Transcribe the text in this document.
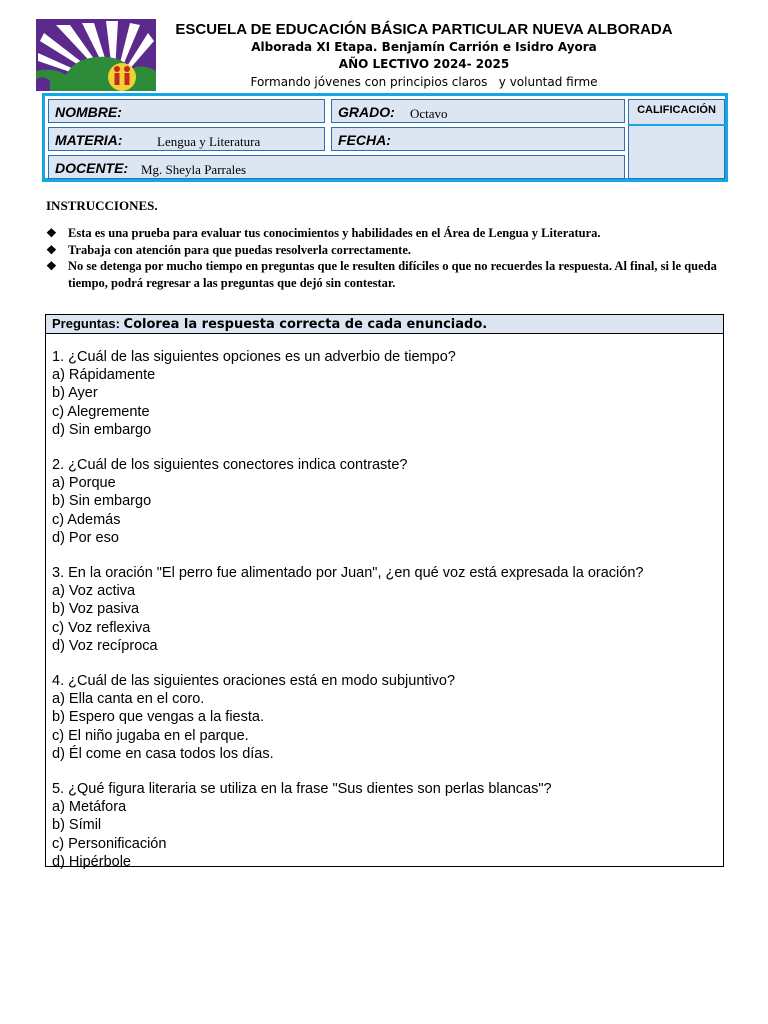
ESCUELA DE EDUCACIÓN BÁSICA PARTICULAR NUEVA ALBORADA
Alborada XI Etapa. Benjamín Carrión e Isidro Ayora
AÑO LECTIVO 2024- 2025
Formando jóvenes con principios claros   y voluntad firme
NOMBRE:	GRADO: Octavo	CALIFICACIÓN
MATERIA:	Lengua y Literatura	FECHA:
DOCENTE: Mg. Sheyla Parrales
INSTRUCCIONES.
❖ Esta es una prueba para evaluar tus conocimientos y habilidades en el Área de Lengua y Literatura.
❖ Trabaja con atención para que puedas resolverla correctamente.
❖ No se detenga por mucho tiempo en preguntas que le resulten difíciles o que no recuerdes la respuesta. Al final, si le queda tiempo, podrá regresar a las preguntas que dejó sin contestar.
Preguntas: Colorea la respuesta correcta de cada enunciado.
1. ¿Cuál de las siguientes opciones es un adverbio de tiempo?
a) Rápidamente
b) Ayer
c) Alegremente
d) Sin embargo
2. ¿Cuál de los siguientes conectores indica contraste?
a) Porque
b) Sin embargo
c) Además
d) Por eso
3. En la oración "El perro fue alimentado por Juan", ¿en qué voz está expresada la oración?
a) Voz activa
b) Voz pasiva
c) Voz reflexiva
d) Voz recíproca
4. ¿Cuál de las siguientes oraciones está en modo subjuntivo?
a) Ella canta en el coro.
b) Espero que vengas a la fiesta.
c) El niño jugaba en el parque.
d) Él come en casa todos los días.
5. ¿Qué figura literaria se utiliza en la frase "Sus dientes son perlas blancas"?
a) Metáfora
b) Símil
c) Personificación
d) Hipérbole
